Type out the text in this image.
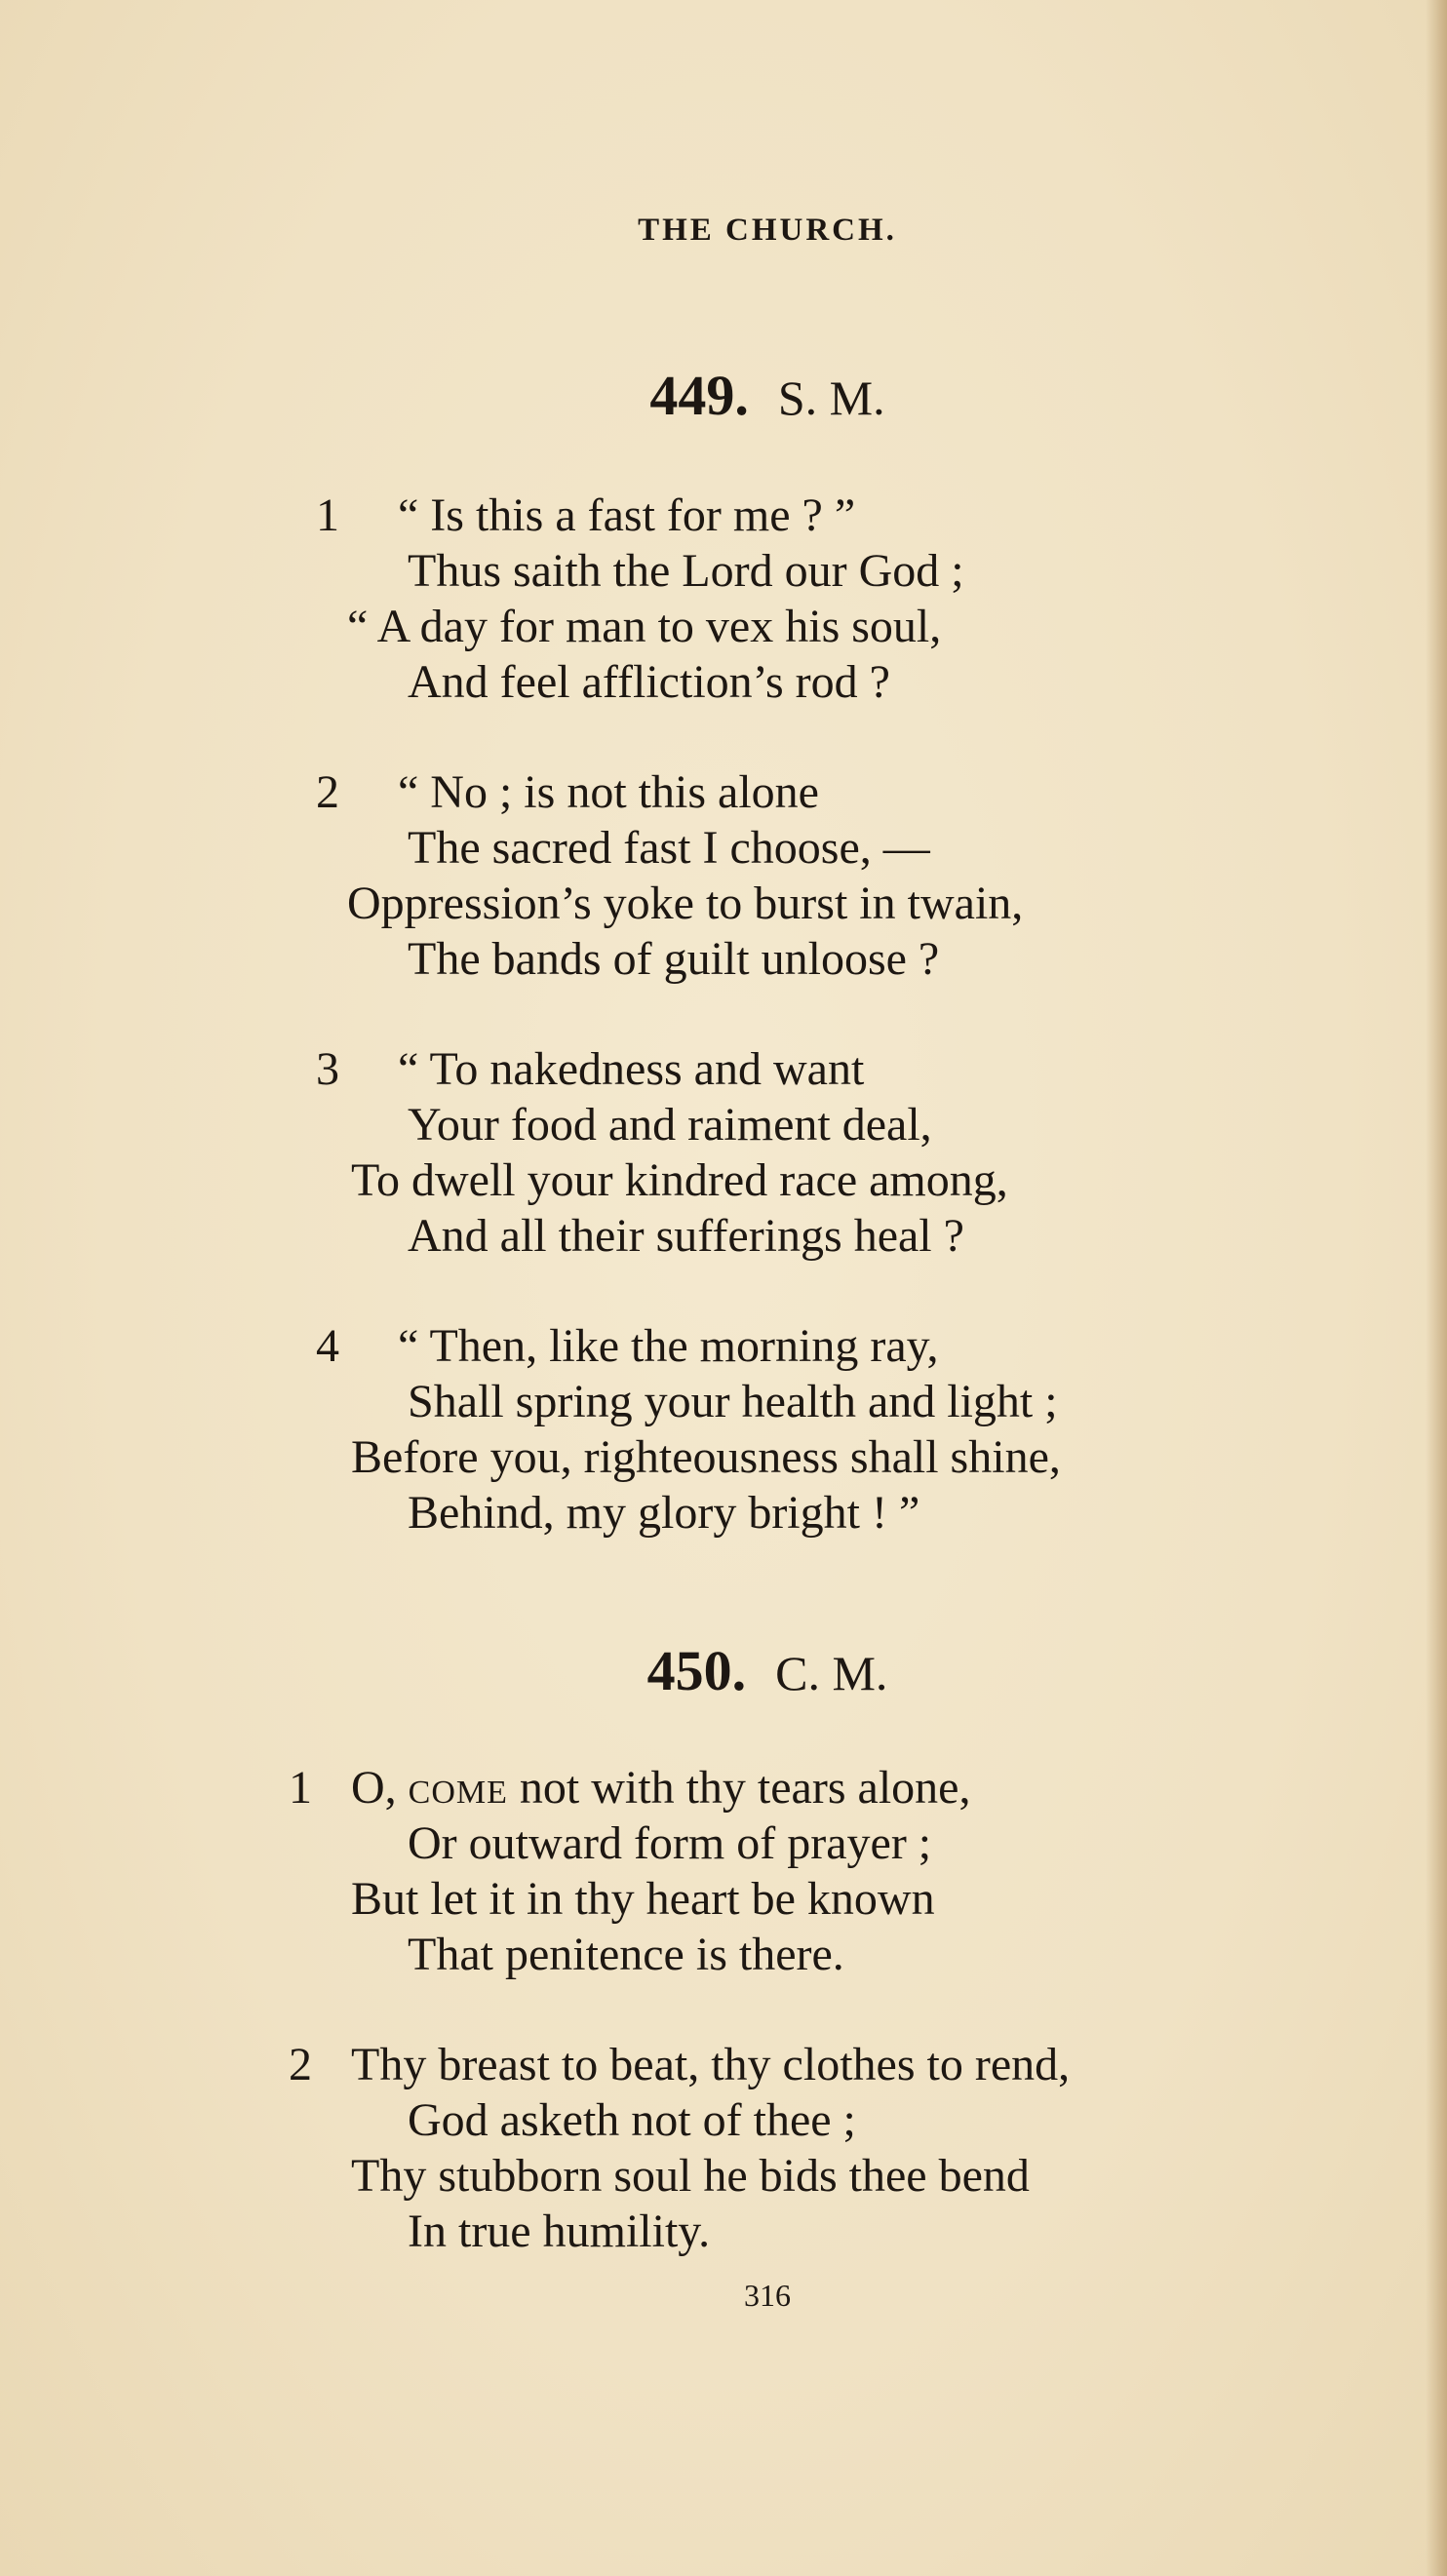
THE CHURCH.
449. S. M.
1 “ Is this a fast for me ? ”
Thus saith the Lord our God ;
“ A day for man to vex his soul,
And feel affliction’s rod ?
2 “ No ; is not this alone
The sacred fast I choose, —
Oppression’s yoke to burst in twain,
The bands of guilt unloose ?
3 “ To nakedness and want
Your food and raiment deal,
To dwell your kindred race among,
And all their sufferings heal ?
4 “ Then, like the morning ray,
Shall spring your health and light ;
Before you, righteousness shall shine,
Behind, my glory bright ! ”
450. C. M.
1 O, come not with thy tears alone,
Or outward form of prayer ;
But let it in thy heart be known
That penitence is there.
2 Thy breast to beat, thy clothes to rend,
God asketh not of thee ;
Thy stubborn soul he bids thee bend
In true humility.
316
